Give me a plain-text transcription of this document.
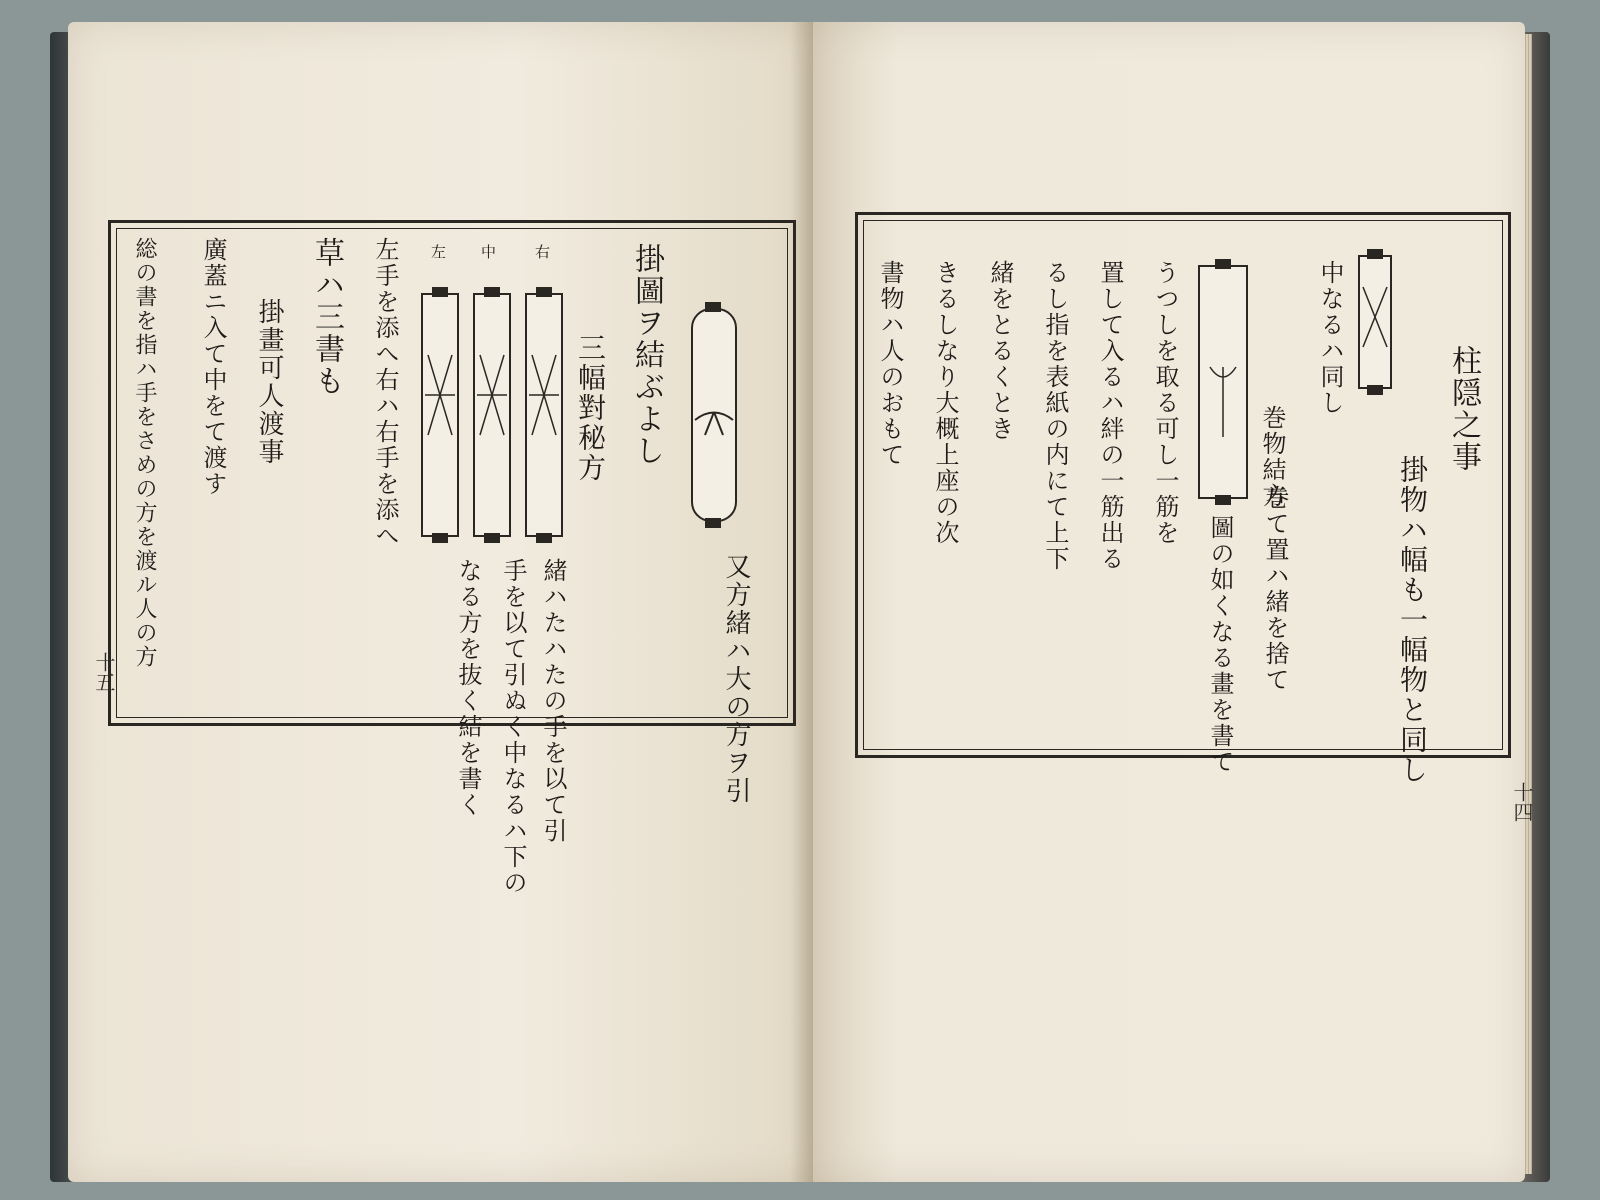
又方緒ハ大の方ヲ引
掛圖ヲ結ぶよし
三幅對秘方
右
中
左
緒ハたハたの手を以て引
手を以て引ぬく中なるハ下の
なる方を抜く結を書く
左手を添へ右ハ右手を添へ
草ハ三書も
掛畫可人渡事
廣蓋ニ入て中をて渡す
総の書を指ハ手をさめの方を渡ル人の方
十五
柱隠之事
掛物ハ幅も一幅物と同し
巻物結方
中なるハ同し
巻て置ハ緒を捨て
圖の如くなる畫を書て
うつしを取る可し一筋を
置して入るハ絆の一筋出る
るし指を表紙の内にて上下
緒をとるくとき
きるしなり大概上座の次
書物ハ人のおもて
十四
